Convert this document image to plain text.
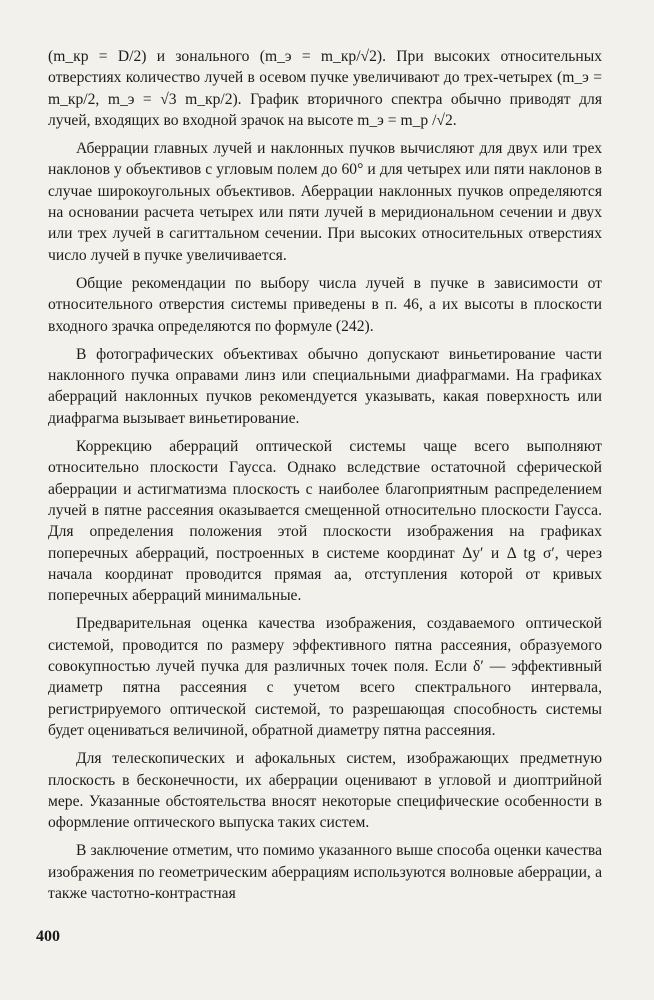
(m_кр = D/2) и зонального (m_э = m_кр/√2). При высоких относительных отверстиях количество лучей в осевом пучке увеличивают до трех-четырех (m_э = m_кр/2, m_э = √3 m_кр/2). График вторичного спектра обычно приводят для лучей, входящих во входной зрачок на высоте m_э = m_р /√2.

Аберрации главных лучей и наклонных пучков вычисляют для двух или трех наклонов у объективов с угловым полем до 60° и для четырех или пяти наклонов в случае широкоугольных объективов. Аберрации наклонных пучков определяются на основании расчета четырех или пяти лучей в меридиональном сечении и двух или трех лучей в сагиттальном сечении. При высоких относительных отверстиях число лучей в пучке увеличивается.

Общие рекомендации по выбору числа лучей в пучке в зависимости от относительного отверстия системы приведены в п. 46, а их высоты в плоскости входного зрачка определяются по формуле (242).

В фотографических объективах обычно допускают виньетирование части наклонного пучка оправами линз или специальными диафрагмами. На графиках аберраций наклонных пучков рекомендуется указывать, какая поверхность или диафрагма вызывает виньетирование.

Коррекцию аберраций оптической системы чаще всего выполняют относительно плоскости Гаусса. Однако вследствие остаточной сферической аберрации и астигматизма плоскость с наиболее благоприятным распределением лучей в пятне рассеяния оказывается смещенной относительно плоскости Гаусса. Для определения положения этой плоскости изображения на графиках поперечных аберраций, построенных в системе координат Δy′ и Δ tg σ′, через начала координат проводится прямая aa, отступления которой от кривых поперечных аберраций минимальные.

Предварительная оценка качества изображения, создаваемого оптической системой, проводится по размеру эффективного пятна рассеяния, образуемого совокупностью лучей пучка для различных точек поля. Если δ′ — эффективный диаметр пятна рассеяния с учетом всего спектрального интервала, регистрируемого оптической системой, то разрешающая способность системы будет оцениваться величиной, обратной диаметру пятна рассеяния.

Для телескопических и афокальных систем, изображающих предметную плоскость в бесконечности, их аберрации оценивают в угловой и диоптрийной мере. Указанные обстоятельства вносят некоторые специфические особенности в оформление оптического выпуска таких систем.

В заключение отметим, что помимо указанного выше способа оценки качества изображения по геометрическим аберрациям используются волновые аберрации, а также частотно-контрастная

400
